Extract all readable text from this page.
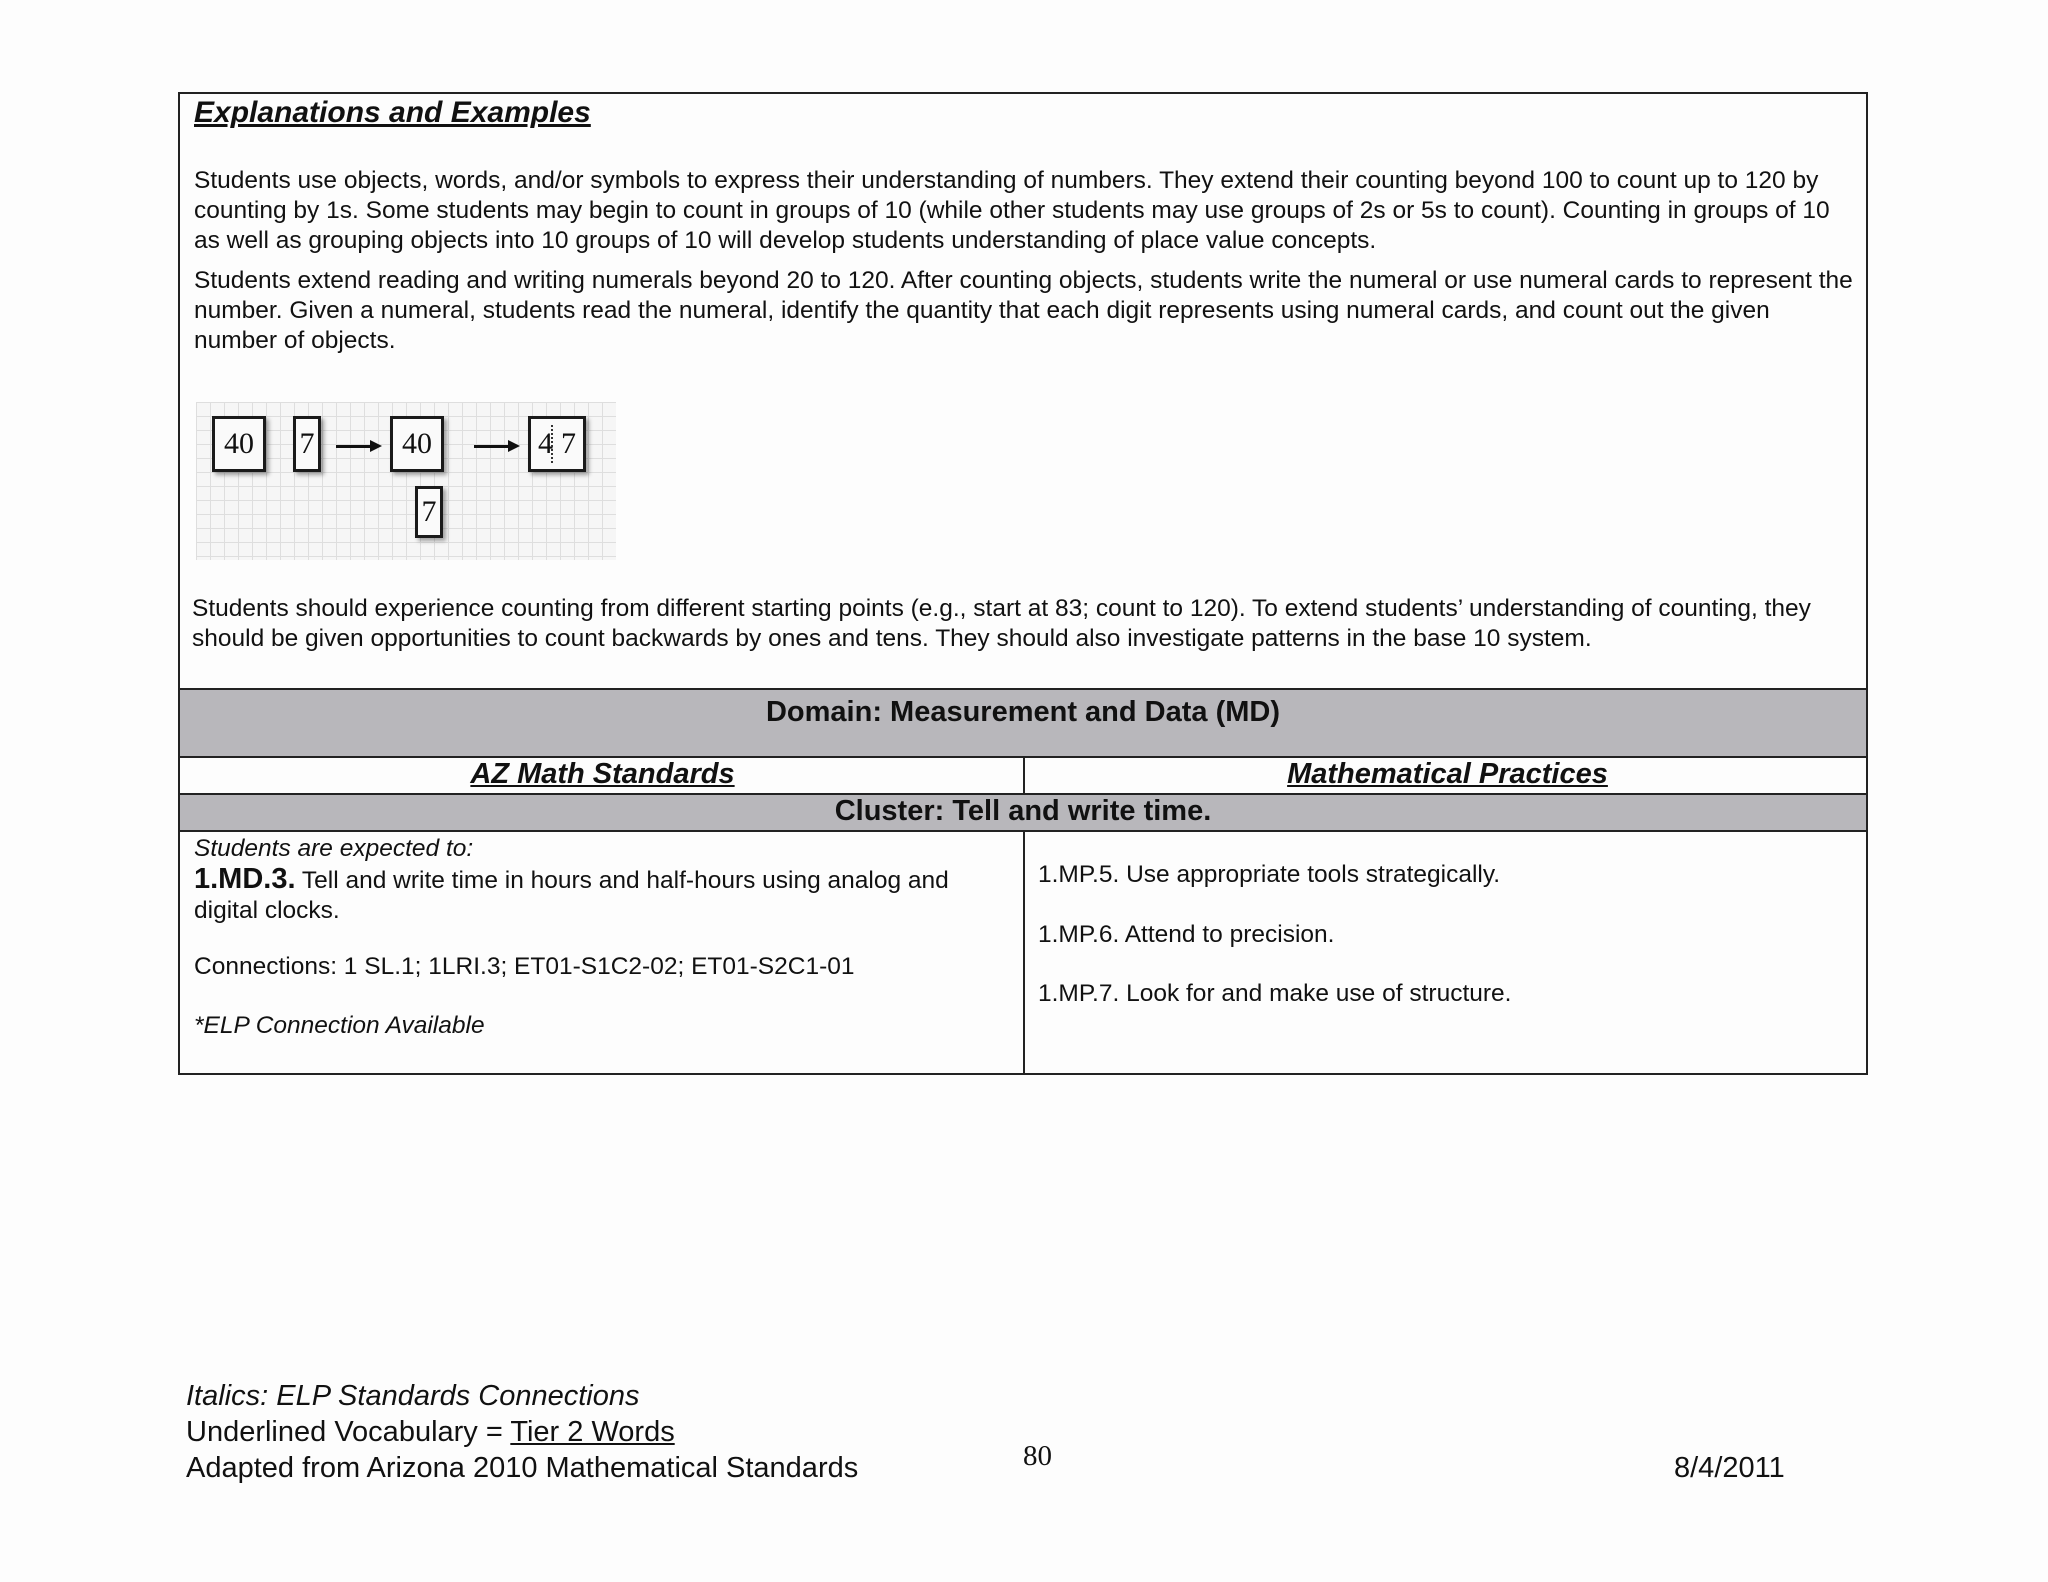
Explanations and Examples
Students use objects, words, and/or symbols to express their understanding of numbers. They extend their counting beyond 100 to count up to 120 by counting by 1s. Some students may begin to count in groups of 10 (while other students may use groups of 2s or 5s to count). Counting in groups of 10 as well as grouping objects into 10 groups of 10 will develop students understanding of place value concepts.
Students extend reading and writing numerals beyond 20 to 120. After counting objects, students write the numeral or use numeral cards to represent the number. Given a numeral, students read the numeral, identify the quantity that each digit represents using numeral cards, and count out the given number of objects.
40	7	40
7
4 7
Students should experience counting from different starting points (e.g., start at 83; count to 120). To extend students’ understanding of counting, they should be given opportunities to count backwards by ones and tens. They should also investigate patterns in the base 10 system.
Domain: Measurement and Data (MD)
AZ Math Standards	Mathematical Practices
Cluster: Tell and write time.
Students are expected to:
1.MD.3. Tell and write time in hours and half-hours using analog and digital clocks.
Connections: 1 SL.1; 1LRI.3; ET01-S1C2-02; ET01-S2C1-01
*ELP Connection Available
1.MP.5. Use appropriate tools strategically.
1.MP.6. Attend to precision.
1.MP.7. Look for and make use of structure.
Italics: ELP Standards Connections
Underlined Vocabulary = Tier 2 Words
Adapted from Arizona 2010 Mathematical Standards	80	8/4/2011
